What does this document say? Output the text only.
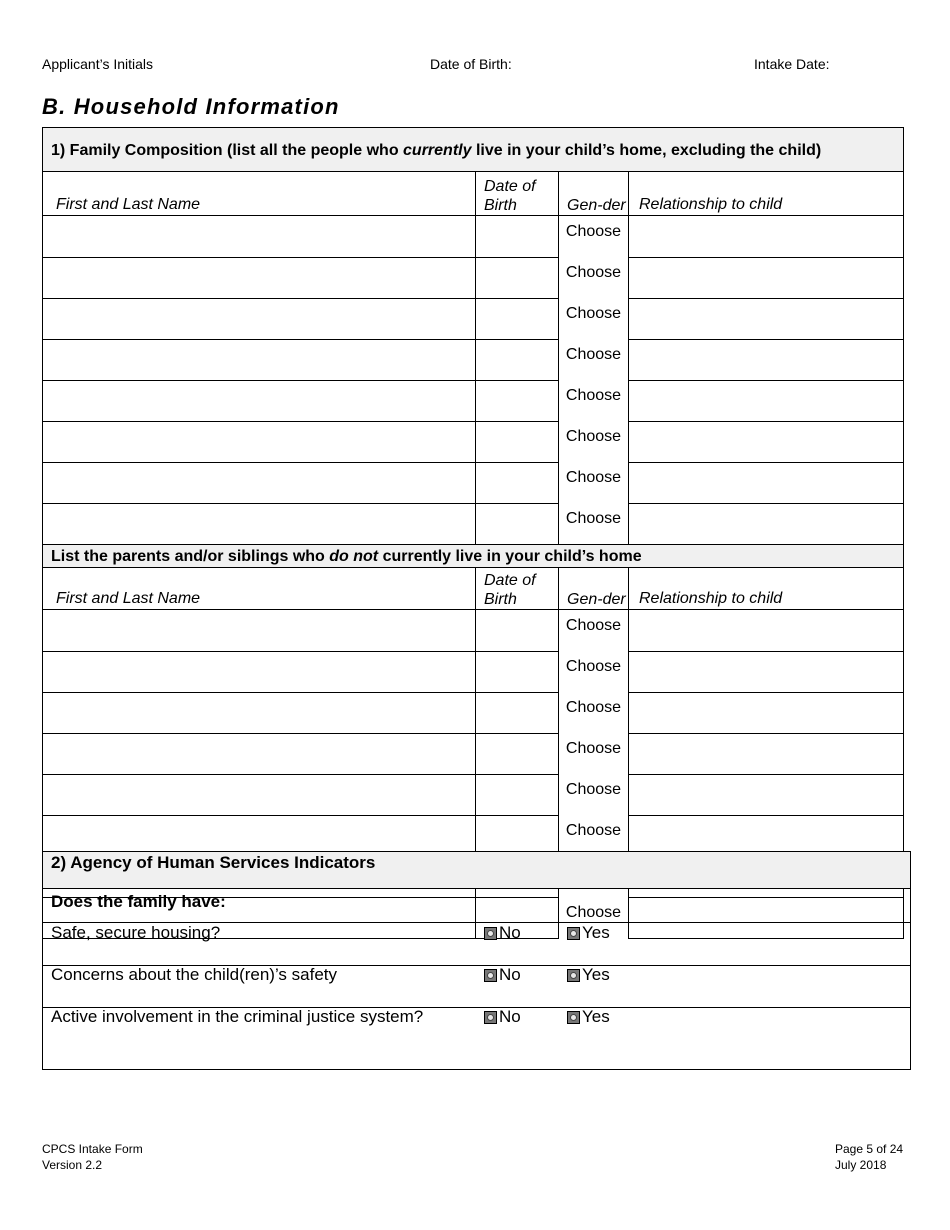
Applicant’s Initials	Date of Birth:	Intake Date:
B. Household Information
1) Family Composition (list all the people who currently live in your child’s home, excluding the child)			
First and Last Name	Date of Birth	Gen-der	Relationship to child
		Choose	
		Choose	
		Choose	
		Choose	
		Choose	
		Choose	
		Choose	
		Choose	
List the parents and/or siblings who do not currently live in your child’s home			
First and Last Name	Date of Birth	Gen-der	Relationship to child
		Choose	
		Choose	
		Choose	
		Choose	
		Choose	
		Choose	

		Choose	
2) Agency of Human Services Indicators
Does the family have:
Safe, secure housing?	No	Yes
Concerns about the child(ren)’s safety	No	Yes
Active involvement in the criminal justice system?	No	Yes
CPCS Intake Form
Version 2.2
Page 5 of 24
July 2018
